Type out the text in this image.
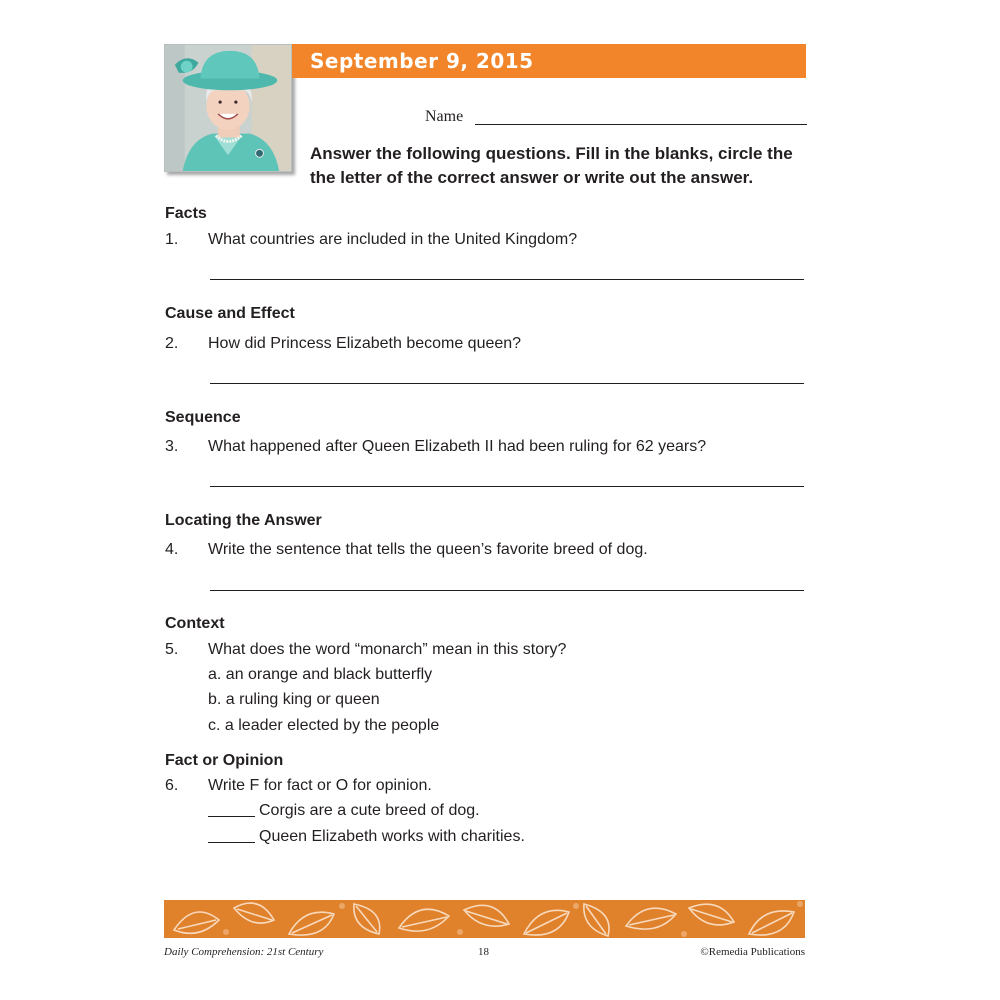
September 9, 2015
Name
Answer the following questions. Fill in the blanks, circle the the letter of the correct answer or write out the answer.
Facts
1. What countries are included in the United Kingdom?
Cause and Effect
2. How did Princess Elizabeth become queen?
Sequence
3. What happened after Queen Elizabeth II had been ruling for 62 years?
Locating the Answer
4. Write the sentence that tells the queen’s favorite breed of dog.
Context
5. What does the word “monarch” mean in this story?
a. an orange and black butterfly
b. a ruling king or queen
c. a leader elected by the people
Fact or Opinion
6. Write F for fact or O for opinion.
Corgis are a cute breed of dog.
Queen Elizabeth works with charities.
Daily Comprehension: 21st Century	18	©Remedia Publications
